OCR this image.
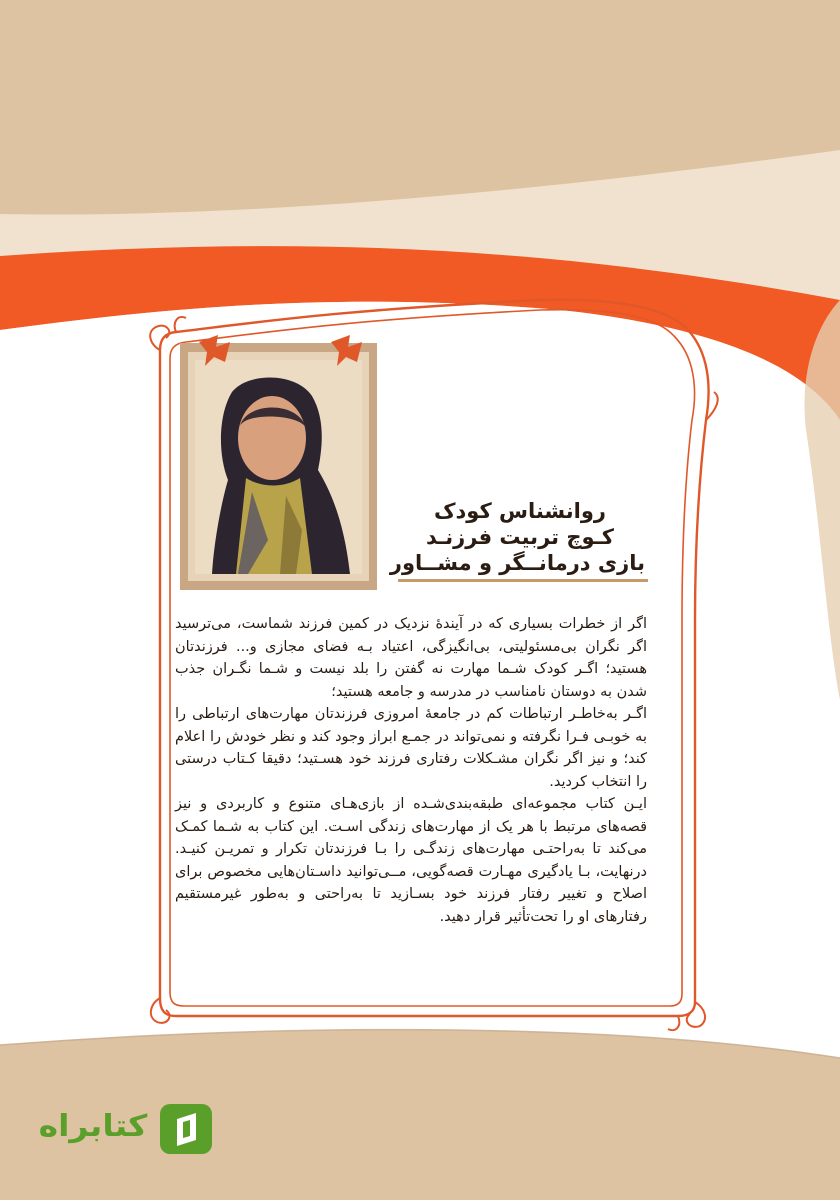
روانشناس کودک
کـوچ تربیت فرزنـد
بازی درمانــگر و مشــاور

اگر از خطرات بسیاری که در آیندهٔ نزدیک در کمین فرزند شماست، می‌ترسید اگر نگران بی‌مسئولیتی، بی‌انگیزگی، اعتیاد بـه فضای مجازی و... فرزندتان هستید؛ اگـر کودک شـما مهارت نه گفتن را بلد نیست و شـما نگـران جذب شدن به دوستان نامناسب در مدرسه و جامعه هستید؛

اگـر به‌خاطـر ارتباطات کم در جامعهٔ امروزی فرزندتان مهارت‌های ارتباطی را به خوبـی فـرا نگرفته و نمی‌تواند در جمـع ابراز وجود کند و نظر خودش را اعلام کند؛ و نیز اگر نگران مشـکلات رفتاری فرزند خود هسـتید؛ دقیقا کـتاب درستی را انتخاب کردید.

ایـن کتاب مجموعه‌ای طبقه‌بندی‌شـده از بازی‌هـای متنوع و کاربردی و نیز قصه‌های مرتبط با هر یک از مهارت‌های زندگی اسـت. این کتاب به شـما کمـک می‌کند تا به‌راحتـی مهارت‌های زندگـی را بـا فرزندتان تکرار و تمریـن کنیـد. درنهایت، بـا یادگیری مهـارت قصه‌گویی، مــی‌توانید داسـتان‌هایی مخصوص برای اصلاح و تغییر رفتار فرزند خود بسـازید تا به‌راحتی و به‌طور غیرمستقیم رفتارهای او را تحت‌تأثیر قرار دهید.

کتابراه
